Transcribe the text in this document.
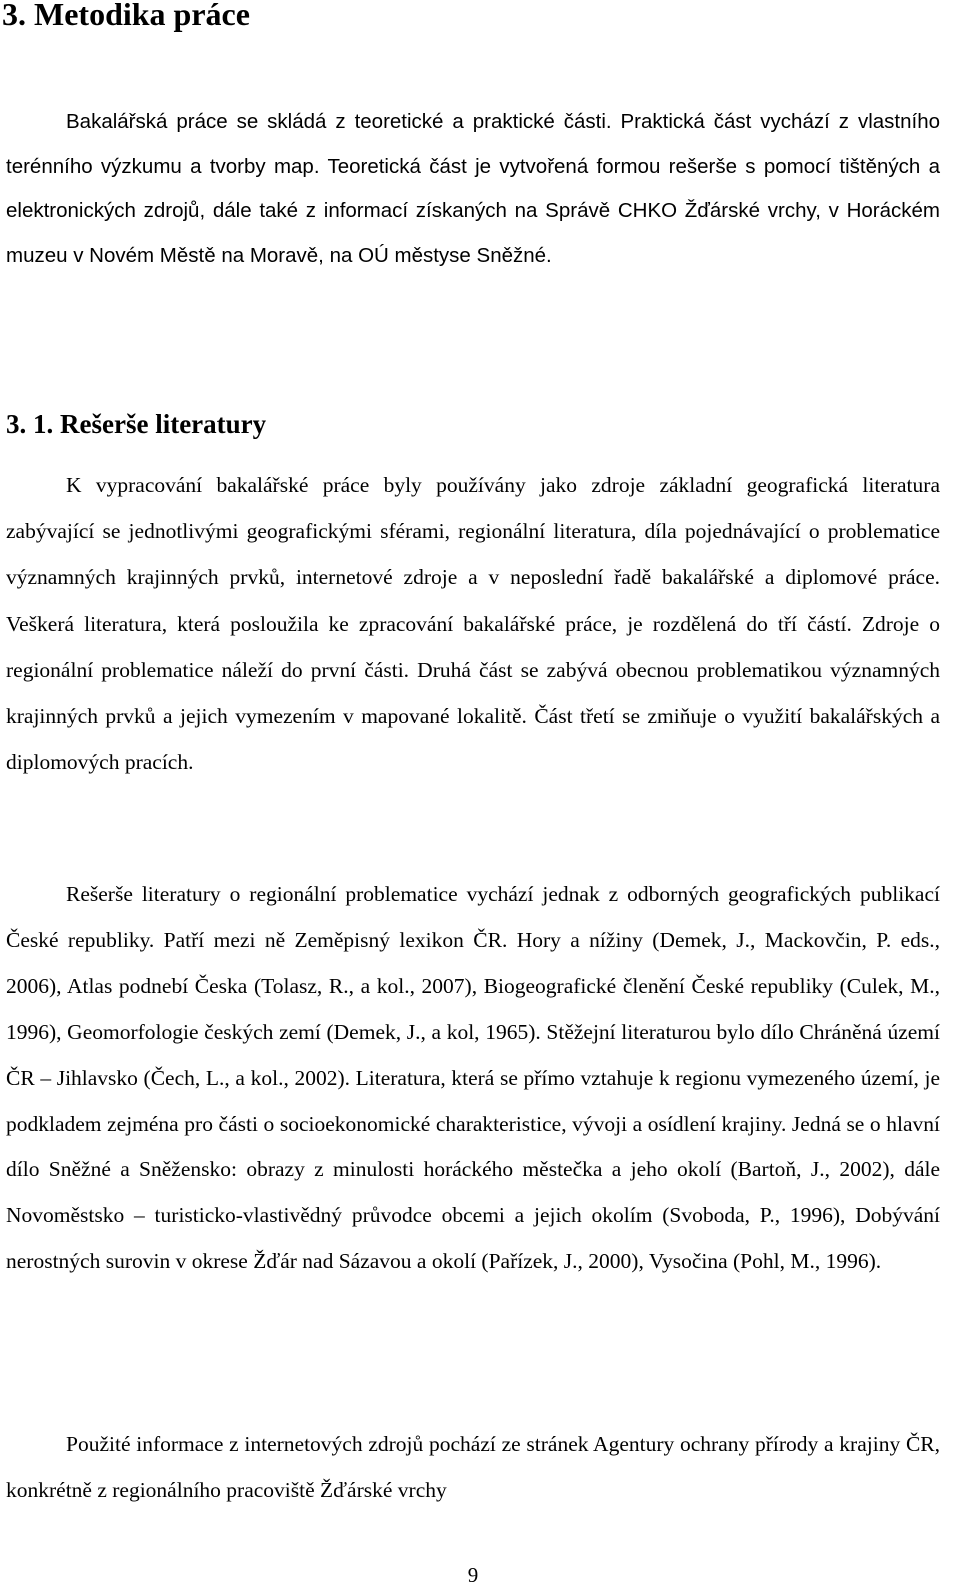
3. Metodika práce

Bakalářská práce se skládá z teoretické a praktické části. Praktická část vychází z vlastního terénního výzkumu a tvorby map. Teoretická část je vytvořená formou rešerše s pomocí tištěných a elektronických zdrojů, dále také z informací získaných na Správě CHKO Žďárské vrchy, v Horáckém muzeu v Novém Městě na Moravě, na OÚ městyse Sněžné.

3. 1. Rešerše literatury

K vypracování bakalářské práce byly používány jako zdroje základní geografická literatura zabývající se jednotlivými geografickými sférami, regionální literatura, díla pojednávající o problematice významných krajinných prvků, internetové zdroje a v neposlední řadě bakalářské a diplomové práce. Veškerá literatura, která posloužila ke zpracování bakalářské práce, je rozdělená do tří částí. Zdroje o regionální problematice náleží do první části. Druhá část se zabývá obecnou problematikou významných krajinných prvků a jejich vymezením v mapované lokalitě. Část třetí se zmiňuje o využití bakalářských a diplomových pracích.

Rešerše literatury o regionální problematice vychází jednak z odborných geografických publikací České republiky. Patří mezi ně Zeměpisný lexikon ČR. Hory a nížiny (Demek, J., Mackovčin, P. eds., 2006), Atlas podnebí Česka (Tolasz, R., a kol., 2007), Biogeografické členění České republiky (Culek, M., 1996), Geomorfologie českých zemí (Demek, J., a kol, 1965). Stěžejní literaturou bylo dílo Chráněná území ČR – Jihlavsko (Čech, L., a kol., 2002). Literatura, která se přímo vztahuje k regionu vymezeného území, je podkladem zejména pro části o socioekonomické charakteristice, vývoji a osídlení krajiny. Jedná se o hlavní dílo Sněžné a Sněžensko: obrazy z minulosti horáckého městečka a jeho okolí (Bartoň, J., 2002), dále Novoměstsko – turisticko-vlastivědný průvodce obcemi a jejich okolím (Svoboda, P., 1996), Dobývání nerostných surovin v okrese Žďár nad Sázavou a okolí (Pařízek, J., 2000), Vysočina (Pohl, M., 1996).

Použité informace z internetových zdrojů pochází ze stránek Agentury ochrany přírody a krajiny ČR, konkrétně z regionálního pracoviště Žďárské vrchy

9
